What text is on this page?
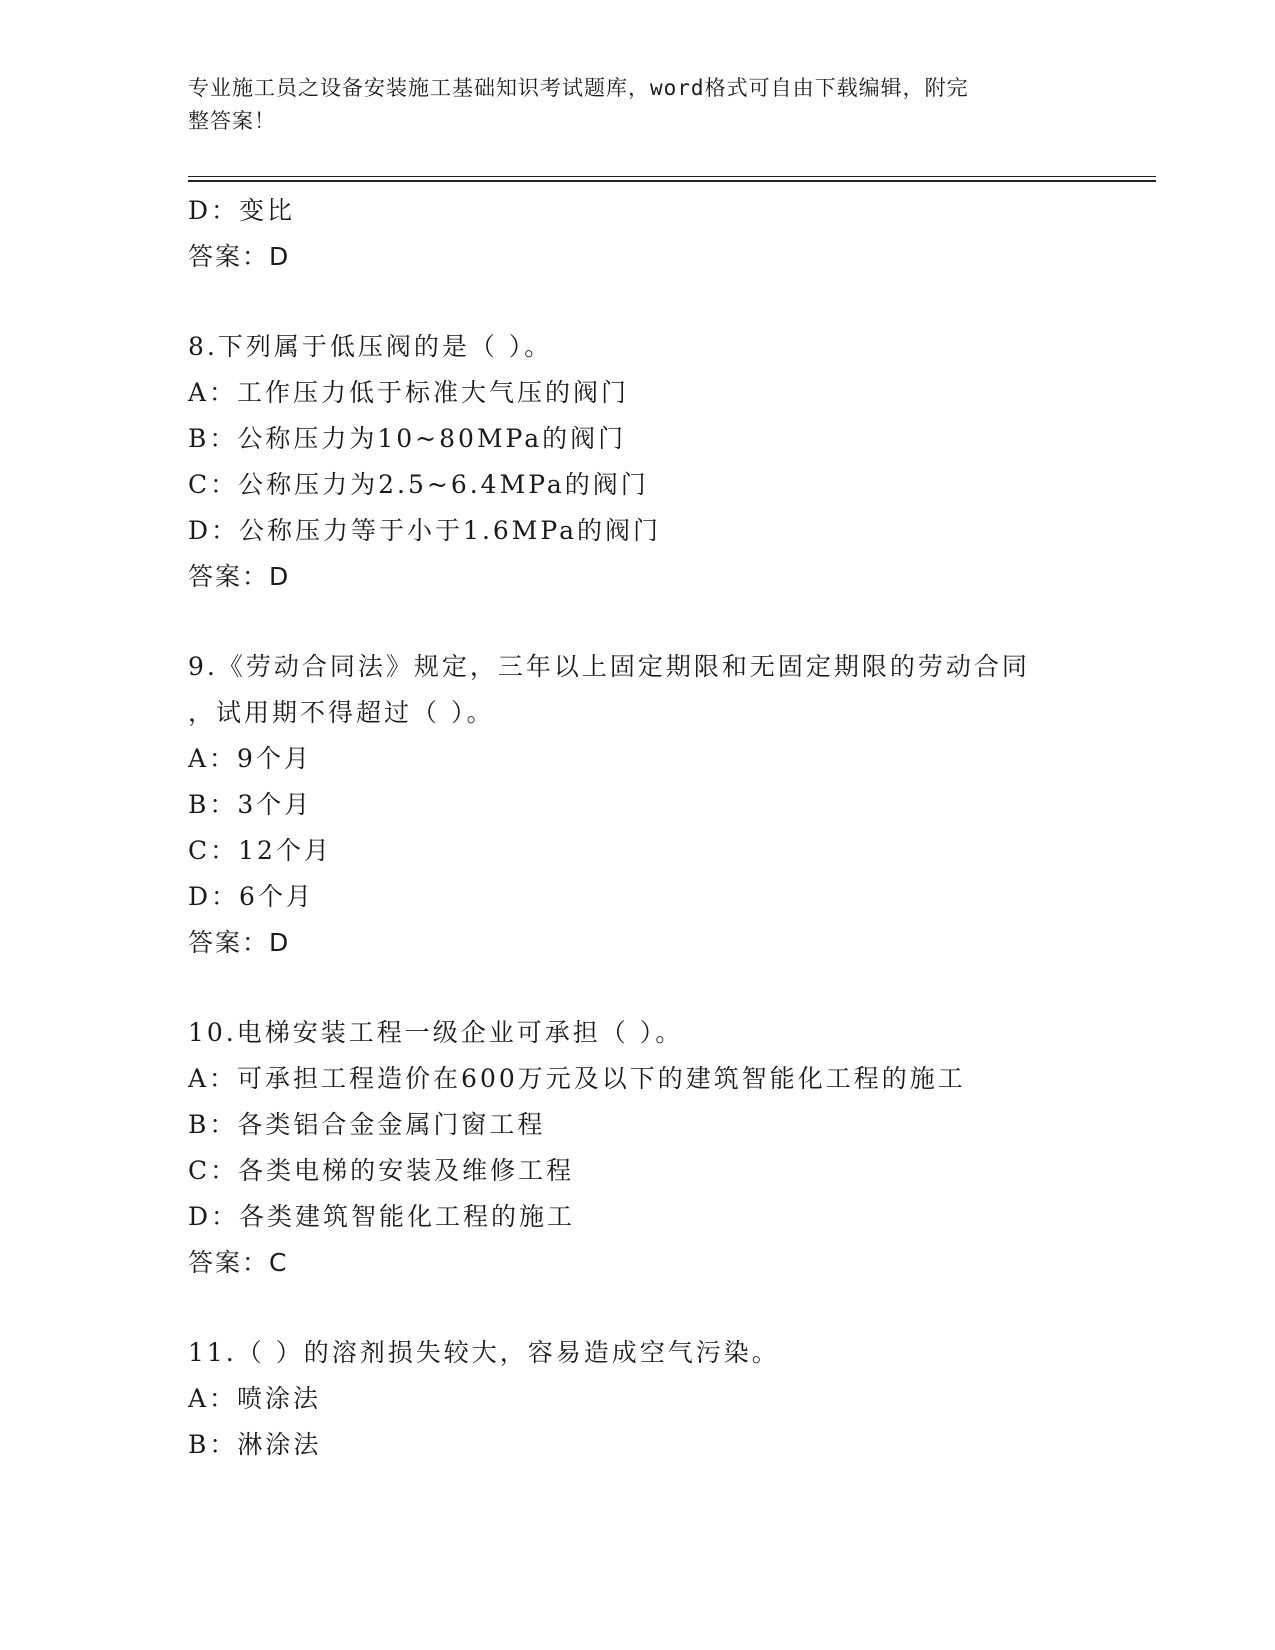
专业施工员之设备安装施工基础知识考试题库，word格式可自由下载编辑，附完
整答案！
D：变比
答案：D
8.下列属于低压阀的是（ ）。
A：工作压力低于标准大气压的阀门
B：公称压力为10~80MPa的阀门
C：公称压力为2.5~6.4MPa的阀门
D：公称压力等于小于1.6MPa的阀门
答案：D
9.《劳动合同法》规定，三年以上固定期限和无固定期限的劳动合同
，试用期不得超过（ ）。
A：9个月
B：3个月
C：12个月
D：6个月
答案：D
10.电梯安装工程一级企业可承担（ ）。
A：可承担工程造价在600万元及以下的建筑智能化工程的施工
B：各类铝合金金属门窗工程
C：各类电梯的安装及维修工程
D：各类建筑智能化工程的施工
答案：C
11.（ ）的溶剂损失较大，容易造成空气污染。
A：喷涂法
B：淋涂法
